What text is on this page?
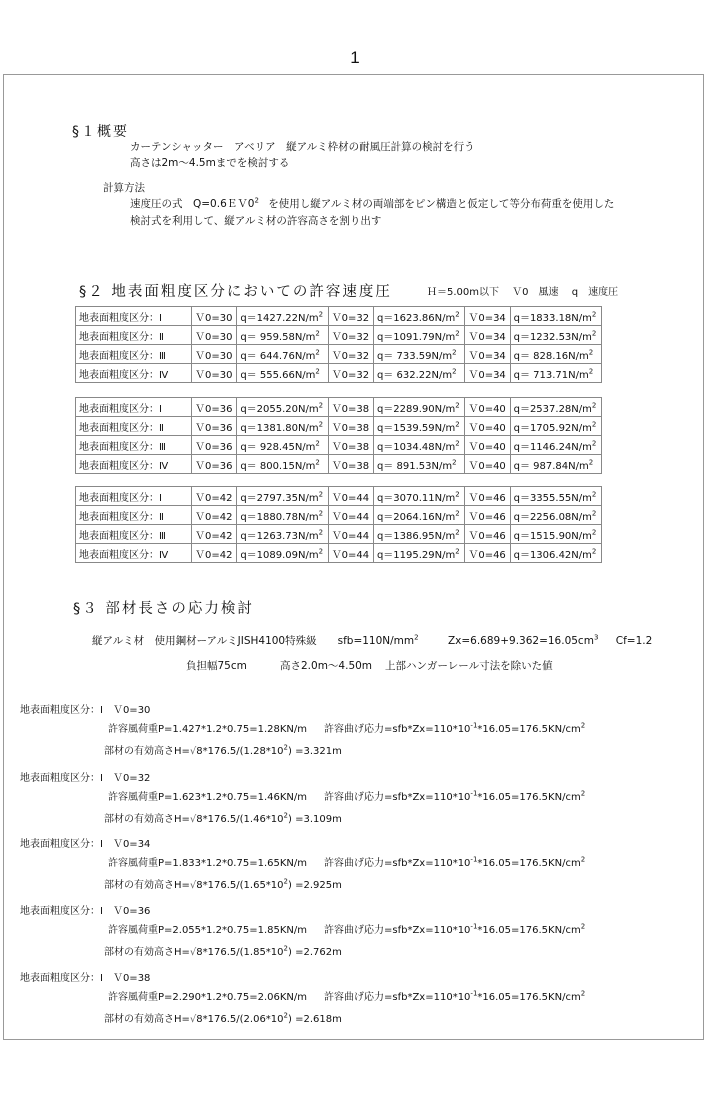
1
§１概要
カーテンシャッター　アベリア　縦アルミ枠材の耐風圧計算の検討を行う
高さは2m～4.5mまでを検討する
計算方法
速度圧の式　$Q=0.6EV0^2$ を使用し縦アルミ材の両端部をピン構造と仮定して等分布荷重を使用した
検討式を利用して、縦アルミ材の許容高さを割り出す
§２ 地表面粗度区分においての許容速度圧	Ｈ＝5.00m以下　 Ｖ0　風速　 q　速度圧
地表面粗度区分：Ⅰ	Ｖ0=30	$q=1427.22N/m^2$	Ｖ0=32	$q=1623.86N/m^2$	Ｖ0=34	$q=1833.18N/m^2$
地表面粗度区分：Ⅱ	Ｖ0=30	$q= 959.58N/m^2$	Ｖ0=32	$q=1091.79N/m^2$	Ｖ0=34	$q=1232.53N/m^2$
地表面粗度区分：Ⅲ	Ｖ0=30	$q= 644.76N/m^2$	Ｖ0=32	$q= 733.59N/m^2$	Ｖ0=34	$q= 828.16N/m^2$
地表面粗度区分：Ⅳ	Ｖ0=30	$q= 555.66N/m^2$	Ｖ0=32	$q= 632.22N/m^2$	Ｖ0=34	$q= 713.71N/m^2$
地表面粗度区分：Ⅰ	Ｖ0=36	$q=2055.20N/m^2$	Ｖ0=38	$q=2289.90N/m^2$	Ｖ0=40	$q=2537.28N/m^2$
地表面粗度区分：Ⅱ	Ｖ0=36	$q=1381.80N/m^2$	Ｖ0=38	$q=1539.59N/m^2$	Ｖ0=40	$q=1705.92N/m^2$
地表面粗度区分：Ⅲ	Ｖ0=36	$q= 928.45N/m^2$	Ｖ0=38	$q=1034.48N/m^2$	Ｖ0=40	$q=1146.24N/m^2$
地表面粗度区分：Ⅳ	Ｖ0=36	$q= 800.15N/m^2$	Ｖ0=38	$q= 891.53N/m^2$	Ｖ0=40	$q= 987.84N/m^2$
地表面粗度区分：Ⅰ	Ｖ0=42	$q=2797.35N/m^2$	Ｖ0=44	$q=3070.11N/m^2$	Ｖ0=46	$q=3355.55N/m^2$
地表面粗度区分：Ⅱ	Ｖ0=42	$q=1880.78N/m^2$	Ｖ0=44	$q=2064.16N/m^2$	Ｖ0=46	$q=2256.08N/m^2$
地表面粗度区分：Ⅲ	Ｖ0=42	$q=1263.73N/m^2$	Ｖ0=44	$q=1386.95N/m^2$	Ｖ0=46	$q=1515.90N/m^2$
地表面粗度区分：Ⅳ	Ｖ0=42	$q=1089.09N/m^2$	Ｖ0=44	$q=1195.29N/m^2$	Ｖ0=46	$q=1306.42N/m^2$
§３ 部材長さの応力検討
縦アルミ材　使用鋼材ーアルミJISH4100特殊級　　$sfb=110N/mm^2$	$Zx=6.689+9.362=16.05cm^3$ Cf=1.2
負担幅75cm	高さ2.0m～4.50m 上部ハンガーレール寸法を除いた値
地表面粗度区分：Ⅰ　Ｖ0=30
許容風荷重P=1.427*1.2*0.75=1.28KN/m 許容曲げ応力$=sfb*Zx=110*10^{-1}*16.05=176.5KN/cm^2$
部材の有効高さ$H=√8*176.5/(1.28*10^2) =3.321m$
地表面粗度区分：Ⅰ　Ｖ0=32
許容風荷重P=1.623*1.2*0.75=1.46KN/m 許容曲げ応力$=sfb*Zx=110*10^{-1}*16.05=176.5KN/cm^2$
部材の有効高さ$H=√8*176.5/(1.46*10^2) =3.109m$
地表面粗度区分：Ⅰ　Ｖ0=34
許容風荷重P=1.833*1.2*0.75=1.65KN/m 許容曲げ応力$=sfb*Zx=110*10^{-1}*16.05=176.5KN/cm^2$
部材の有効高さ$H=√8*176.5/(1.65*10^2) =2.925m$
地表面粗度区分：Ⅰ　Ｖ0=36
許容風荷重P=2.055*1.2*0.75=1.85KN/m 許容曲げ応力$=sfb*Zx=110*10^{-1}*16.05=176.5KN/cm^2$
部材の有効高さ$H=√8*176.5/(1.85*10^2) =2.762m$
地表面粗度区分：Ⅰ　Ｖ0=38
許容風荷重P=2.290*1.2*0.75=2.06KN/m 許容曲げ応力$=sfb*Zx=110*10^{-1}*16.05=176.5KN/cm^2$
部材の有効高さ$H=√8*176.5/(2.06*10^2) =2.618m$
